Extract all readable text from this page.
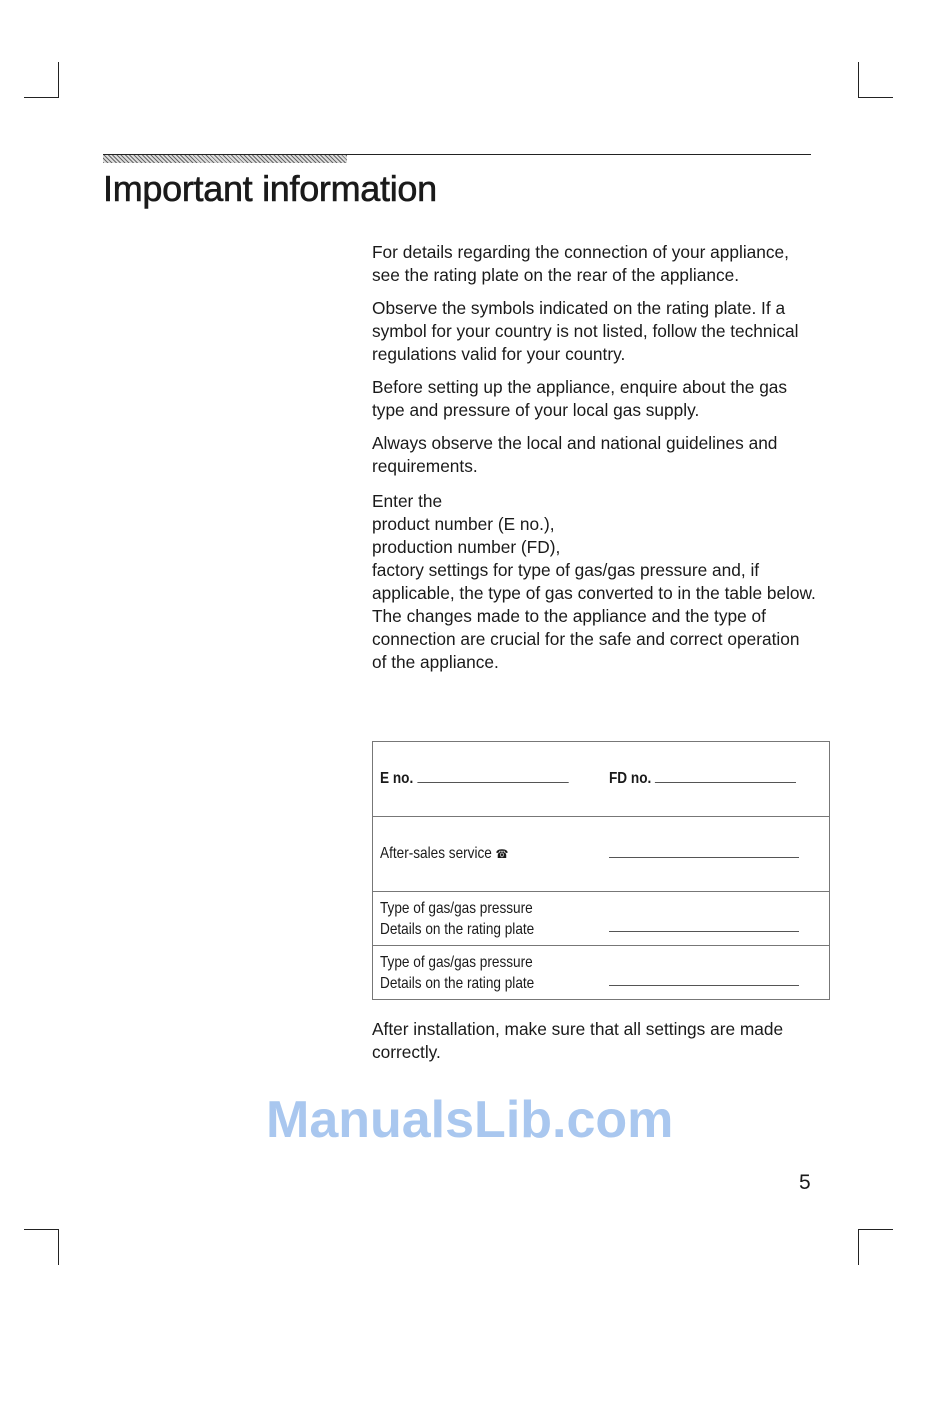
Important information

For details regarding the connection of your appliance, see the rating plate on the rear of the appliance.

Observe the symbols indicated on the rating plate. If a symbol for your country is not listed, follow the technical regulations valid for your country.

Before setting up the appliance, enquire about the gas type and pressure of your local gas supply.

Always observe the local and national guidelines and requirements.

Enter the
product number (E no.),
production number (FD),
factory settings for type of gas/gas pressure and, if applicable, the type of gas converted to in the table below.
The changes made to the appliance and the type of connection are crucial for the safe and correct operation of the appliance.
E no.	FD no.
After-sales service ☎	
Type of gas/gas pressure
Details on the rating plate	
Type of gas/gas pressure
Details on the rating plate	
After installation, make sure that all settings are made correctly.
ManualsLib.com
5
